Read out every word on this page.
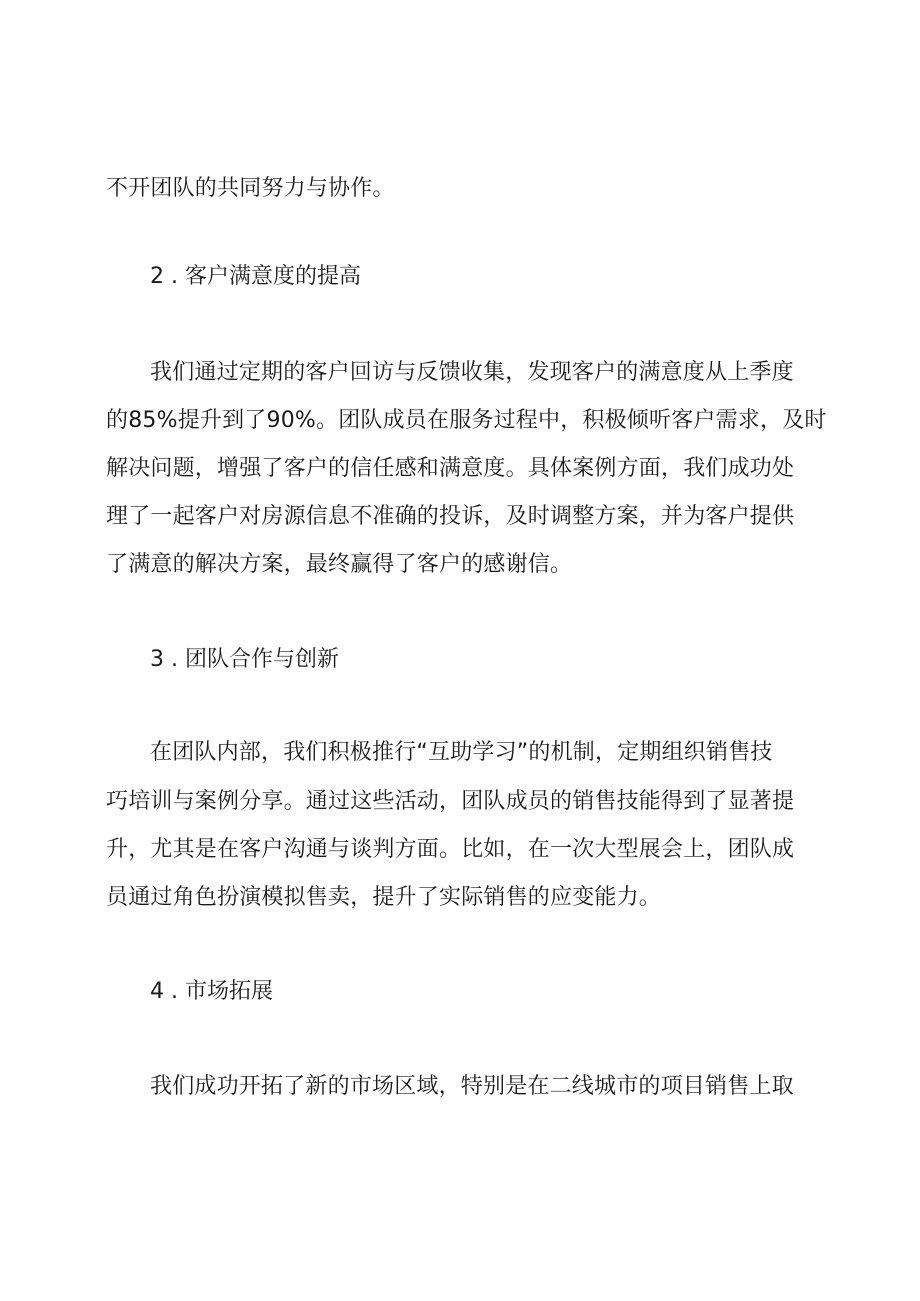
不开团队的共同努力与协作。
2 . 客户满意度的提高
我们通过定期的客户回访与反馈收集，发现客户的满意度从上季度
的85%提升到了90%。团队成员在服务过程中，积极倾听客户需求，及时
解决问题，增强了客户的信任感和满意度。具体案例方面，我们成功处
理了一起客户对房源信息不准确的投诉，及时调整方案，并为客户提供
了满意的解决方案，最终赢得了客户的感谢信。
3 . 团队合作与创新
在团队内部，我们积极推行“互助学习”的机制，定期组织销售技
巧培训与案例分享。通过这些活动，团队成员的销售技能得到了显著提
升，尤其是在客户沟通与谈判方面。比如，在一次大型展会上，团队成
员通过角色扮演模拟售卖，提升了实际销售的应变能力。
4 . 市场拓展
我们成功开拓了新的市场区域，特别是在二线城市的项目销售上取
